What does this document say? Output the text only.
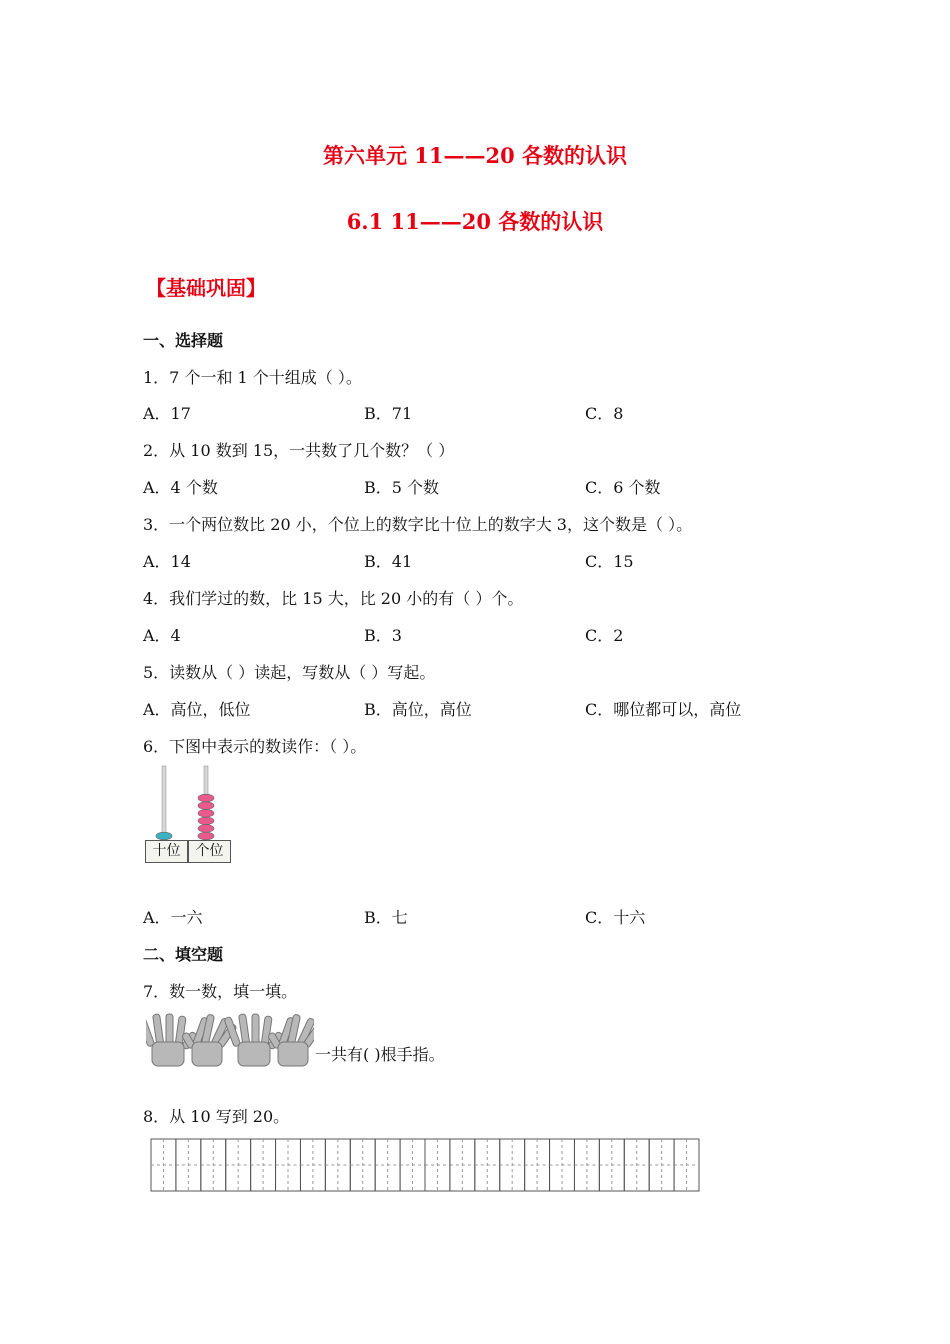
第六单元 11——20 各数的认识
6.1 11——20 各数的认识
【基础巩固】
一、选择题
1．7 个一和 1 个十组成（ ）。
A．17	B．71	C．8
2．从 10 数到 15，一共数了几个数？（ ）
A．4 个数	B．5 个数	C．6 个数
3．一个两位数比 20 小，个位上的数字比十位上的数字大 3，这个数是（ ）。
A．14	B．41	C．15
4．我们学过的数，比 15 大，比 20 小的有（ ）个。
A．4	B．3	C．2
5．读数从（ ）读起，写数从（ ）写起。
A．高位，低位	B．高位，高位	C．哪位都可以，高位
6．下图中表示的数读作：（ ）。
十位	个位
A．一六	B．七	C．十六
二、填空题
7．数一数，填一填。
一共有( )根手指。
8．从 10 写到 20。
